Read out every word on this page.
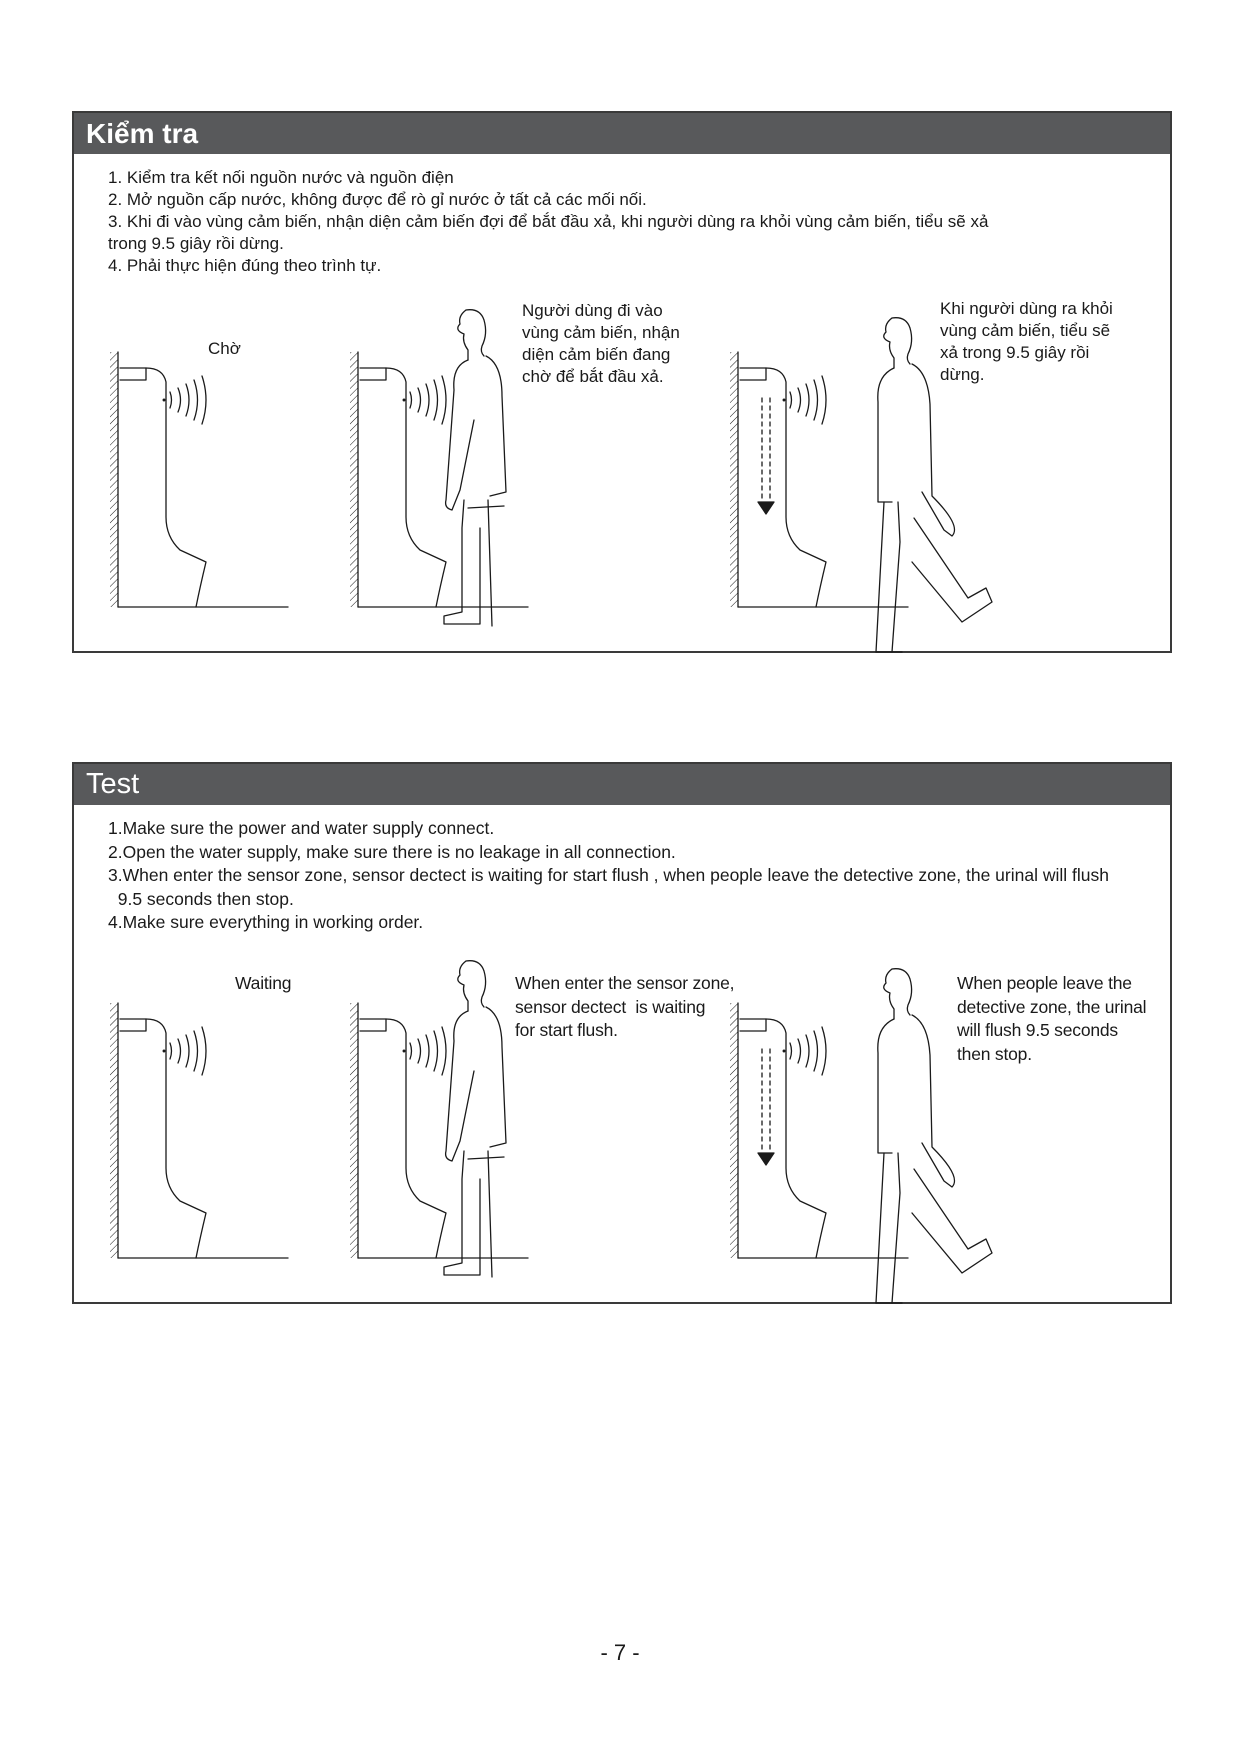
Kiểm tra
1. Kiểm tra kết nối nguồn nước và nguồn điện
2. Mở nguồn cấp nước, không được để rò gỉ nước ở tất cả các mối nối.
3. Khi đi vào vùng cảm biến, nhận diện cảm biến đợi để bắt đầu xả, khi người dùng ra khỏi vùng cảm biến, tiểu sẽ xả
trong 9.5 giây rồi dừng.
4. Phải thực hiện đúng theo trình tự.
Chờ
Người dùng đi vào
vùng cảm biến, nhận
diện cảm biến đang
chờ để bắt đầu xả.
Khi người dùng ra khỏi
vùng cảm biến, tiểu sẽ
xả trong 9.5 giây rồi
dừng.
Test
1.Make sure the power and water supply connect.
2.Open the water supply, make sure there is no leakage in all connection.
3.When enter the sensor zone, sensor dectect is waiting for start flush , when people leave the detective zone, the urinal will flush
9.5 seconds then stop.
4.Make sure everything in working order.
Waiting	When enter the sensor zone,
sensor dectect  is waiting
for start flush.
When people leave the
detective zone, the urinal
will flush 9.5 seconds
then stop.
- 7 -
